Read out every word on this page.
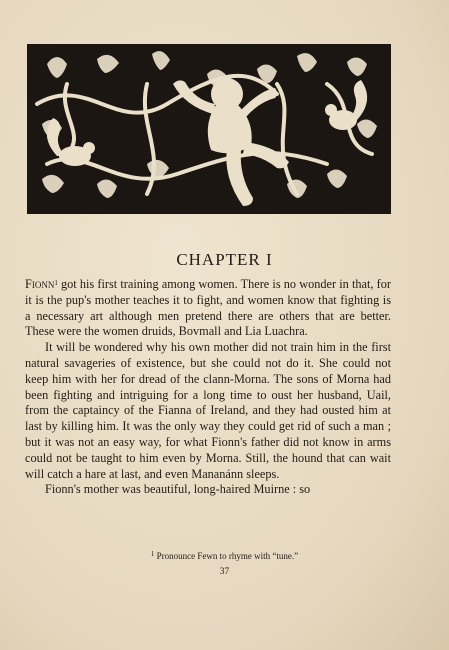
CHAPTER I

Fionn$^1$ got his first training among women. There is no wonder in that, for it is the pup's mother teaches it to fight, and women know that fighting is a necessary art although men pretend there are others that are better. These were the women druids, Bovmall and Lia Luachra.

It will be wondered why his own mother did not train him in the first natural savageries of existence, but she could not do it. She could not keep him with her for dread of the clann-Morna. The sons of Morna had been fighting and intriguing for a long time to oust her husband, Uail, from the captaincy of the Fianna of Ireland, and they had ousted him at last by killing him. It was the only way they could get rid of such a man ; but it was not an easy way, for what Fionn's father did not know in arms could not be taught to him even by Morna. Still, the hound that can wait will catch a hare at last, and even Mananánn sleeps.

Fionn's mother was beautiful, long-haired Muirne : so

$^1$ Pronounce Fewn to rhyme with “tune.”
37
